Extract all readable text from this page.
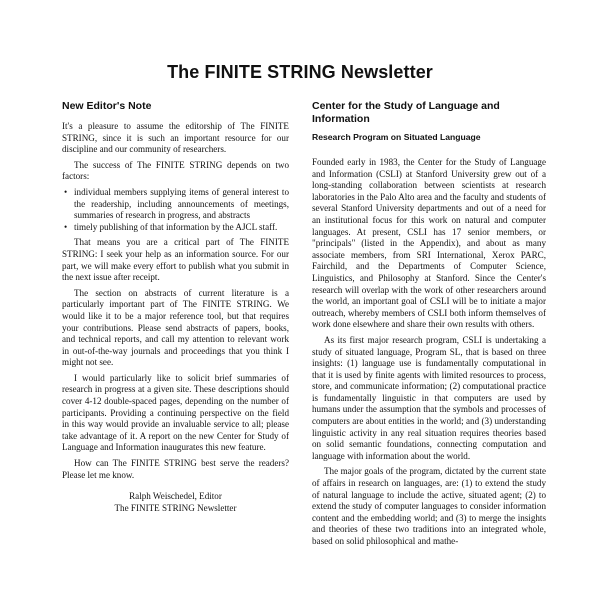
The FINITE STRING Newsletter
New Editor's Note

It's a pleasure to assume the editorship of The FINITE STRING, since it is such an important resource for our discipline and our community of researchers.

The success of The FINITE STRING depends on two factors:

• individual members supplying items of general interest to the readership, including announcements of meetings, summaries of research in progress, and abstracts
• timely publishing of that information by the AJCL staff.

That means you are a critical part of The FINITE STRING: I seek your help as an information source. For our part, we will make every effort to publish what you submit in the next issue after receipt.

The section on abstracts of current literature is a particularly important part of The FINITE STRING. We would like it to be a major reference tool, but that requires your contributions. Please send abstracts of papers, books, and technical reports, and call my attention to relevant work in out-of-the-way journals and proceedings that you think I might not see.

I would particularly like to solicit brief summaries of research in progress at a given site. These descriptions should cover 4-12 double-spaced pages, depending on the number of participants. Providing a continuing perspective on the field in this way would provide an invaluable service to all; please take advantage of it. A report on the new Center for Study of Language and Information inaugurates this new feature.

How can The FINITE STRING best serve the readers? Please let me know.

Ralph Weischedel, Editor
The FINITE STRING Newsletter
Center for the Study of Language and Information
Research Program on Situated Language

Founded early in 1983, the Center for the Study of Language and Information (CSLI) at Stanford University grew out of a long-standing collaboration between scientists at research laboratories in the Palo Alto area and the faculty and students of several Stanford University departments and out of a need for an institutional focus for this work on natural and computer languages. At present, CSLI has 17 senior members, or "principals" (listed in the Appendix), and about as many associate members, from SRI International, Xerox PARC, Fairchild, and the Departments of Computer Science, Linguistics, and Philosophy at Stanford. Since the Center's research will overlap with the work of other researchers around the world, an important goal of CSLI will be to initiate a major outreach, whereby members of CSLI both inform themselves of work done elsewhere and share their own results with others.

As its first major research program, CSLI is undertaking a study of situated language, Program SL, that is based on three insights: (1) language use is fundamentally computational in that it is used by finite agents with limited resources to process, store, and communicate information; (2) computational practice is fundamentally linguistic in that computers are used by humans under the assumption that the symbols and processes of computers are about entities in the world; and (3) understanding linguistic activity in any real situation requires theories based on solid semantic foundations, connecting computation and language with information about the world.

The major goals of the program, dictated by the current state of affairs in research on languages, are: (1) to extend the study of natural language to include the active, situated agent; (2) to extend the study of computer languages to consider information content and the embedding world; and (3) to merge the insights and theories of these two traditions into an integrated whole, based on solid philosophical and mathe-
